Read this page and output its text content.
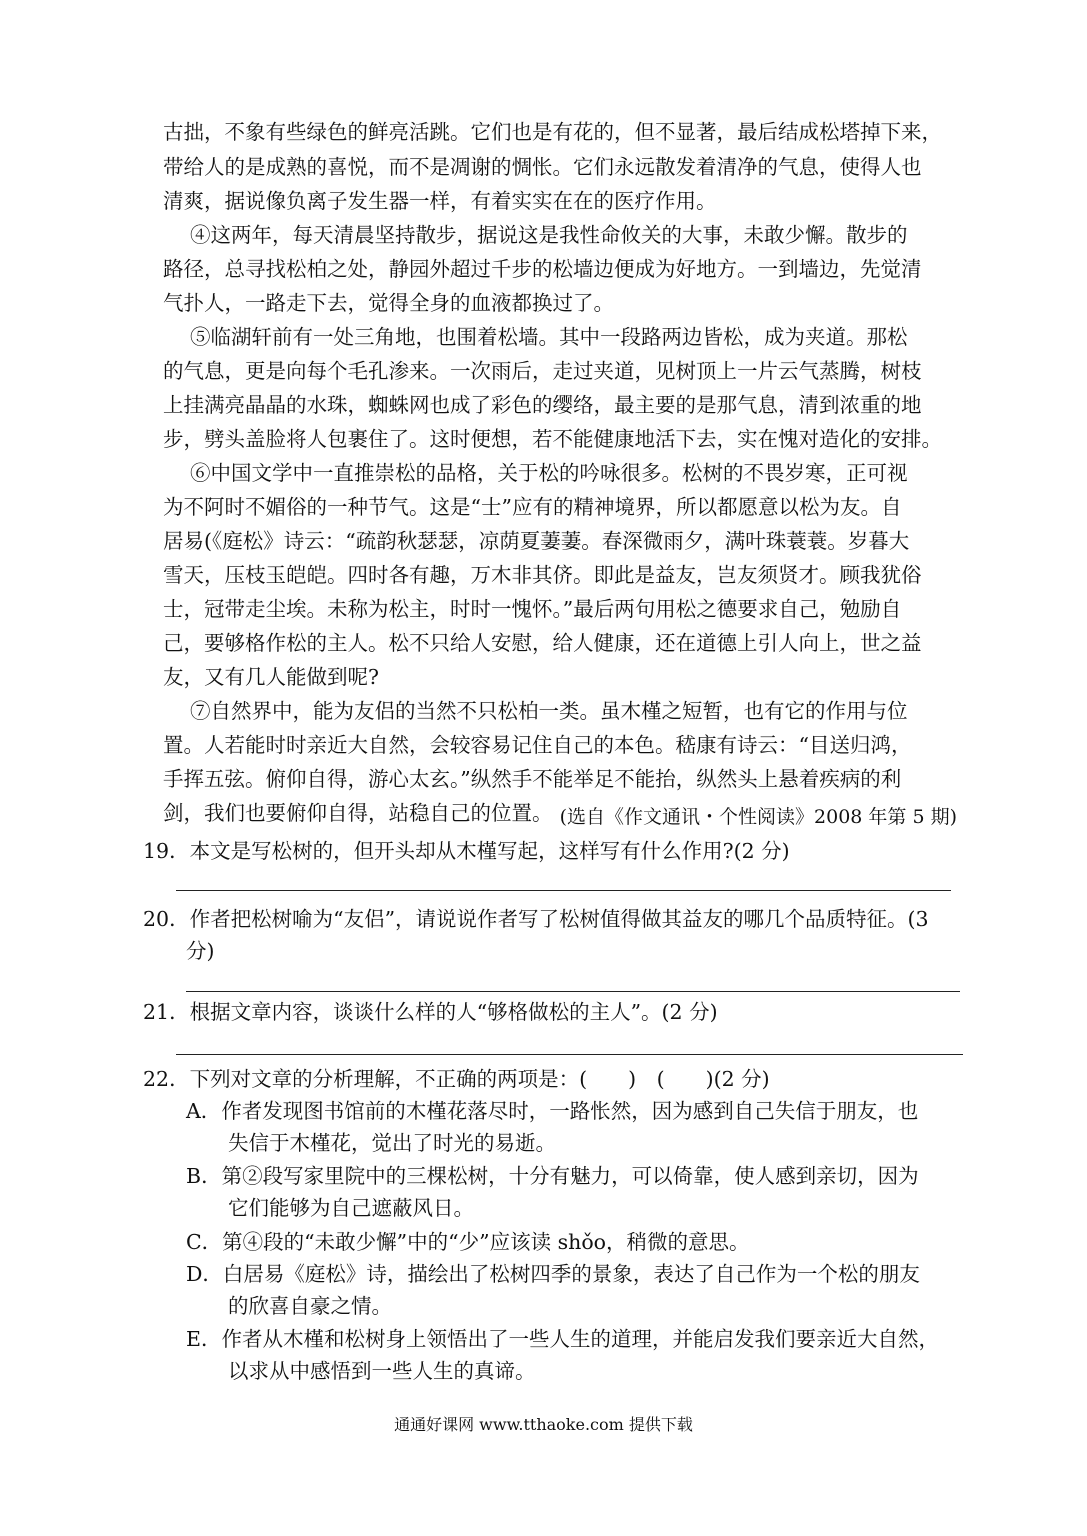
古拙，不象有些绿色的鲜亮活跳。它们也是有花的，但不显著，最后结成松塔掉下来，
带给人的是成熟的喜悦，而不是凋谢的惆怅。它们永远散发着清净的气息，使得人也
清爽，据说像负离子发生器一样，有着实实在在的医疗作用。
④这两年，每天清晨坚持散步，据说这是我性命攸关的大事，未敢少懈。散步的
路径，总寻找松柏之处，静园外超过千步的松墙边便成为好地方。一到墙边，先觉清
气扑人，一路走下去，觉得全身的血液都换过了。
⑤临湖轩前有一处三角地，也围着松墙。其中一段路两边皆松，成为夹道。那松
的气息，更是向每个毛孔渗来。一次雨后，走过夹道，见树顶上一片云气蒸腾，树枝
上挂满亮晶晶的水珠，蜘蛛网也成了彩色的缨络，最主要的是那气息，清到浓重的地
步，劈头盖脸将人包裹住了。这时便想，若不能健康地活下去，实在愧对造化的安排。
⑥中国文学中一直推崇松的品格，关于松的吟咏很多。松树的不畏岁寒，正可视
为不阿时不媚俗的一种节气。这是“士”应有的精神境界，所以都愿意以松为友。自
居易(《庭松》诗云：“疏韵秋瑟瑟，凉荫夏萋萋。春深微雨夕，满叶珠蓑蓑。岁暮大
雪天，压枝玉皑皑。四时各有趣，万木非其侪。即此是益友，岂友须贤才。顾我犹俗
士，冠带走尘埃。未称为松主，时时一愧怀。”最后两句用松之德要求自己，勉励自
己，要够格作松的主人。松不只给人安慰，给人健康，还在道德上引人向上，世之益
友，又有几人能做到呢?
⑦自然界中，能为友侣的当然不只松柏一类。虽木槿之短暂，也有它的作用与位
置。人若能时时亲近大自然，会较容易记住自己的本色。嵇康有诗云：“目送归鸿，
手挥五弦。俯仰自得，游心太玄。”纵然手不能举足不能抬，纵然头上悬着疾病的利
剑，我们也要俯仰自得，站稳自己的位置。 (选自《作文通讯・个性阅读》2008 年第 5 期)
19．本文是写松树的，但开头却从木槿写起，这样写有什么作用?(2 分)
20．作者把松树喻为“友侣”，请说说作者写了松树值得做其益友的哪几个品质特征。(3
分)
21．根据文章内容，谈谈什么样的人“够格做松的主人”。(2 分)
22．下列对文章的分析理解，不正确的两项是：(　　)　(　　)(2 分)
A．作者发现图书馆前的木槿花落尽时，一路怅然，因为感到自己失信于朋友，也
失信于木槿花，觉出了时光的易逝。
B．第②段写家里院中的三棵松树，十分有魅力，可以倚靠，使人感到亲切，因为
它们能够为自己遮蔽风日。
C．第④段的“未敢少懈”中的“少”应该读 shǒo，稍微的意思。
D．白居易《庭松》诗，描绘出了松树四季的景象，表达了自己作为一个松的朋友
的欣喜自豪之情。
E．作者从木槿和松树身上领悟出了一些人生的道理，并能启发我们要亲近大自然，
以求从中感悟到一些人生的真谛。
通通好课网 www.tthaoke.com 提供下载
